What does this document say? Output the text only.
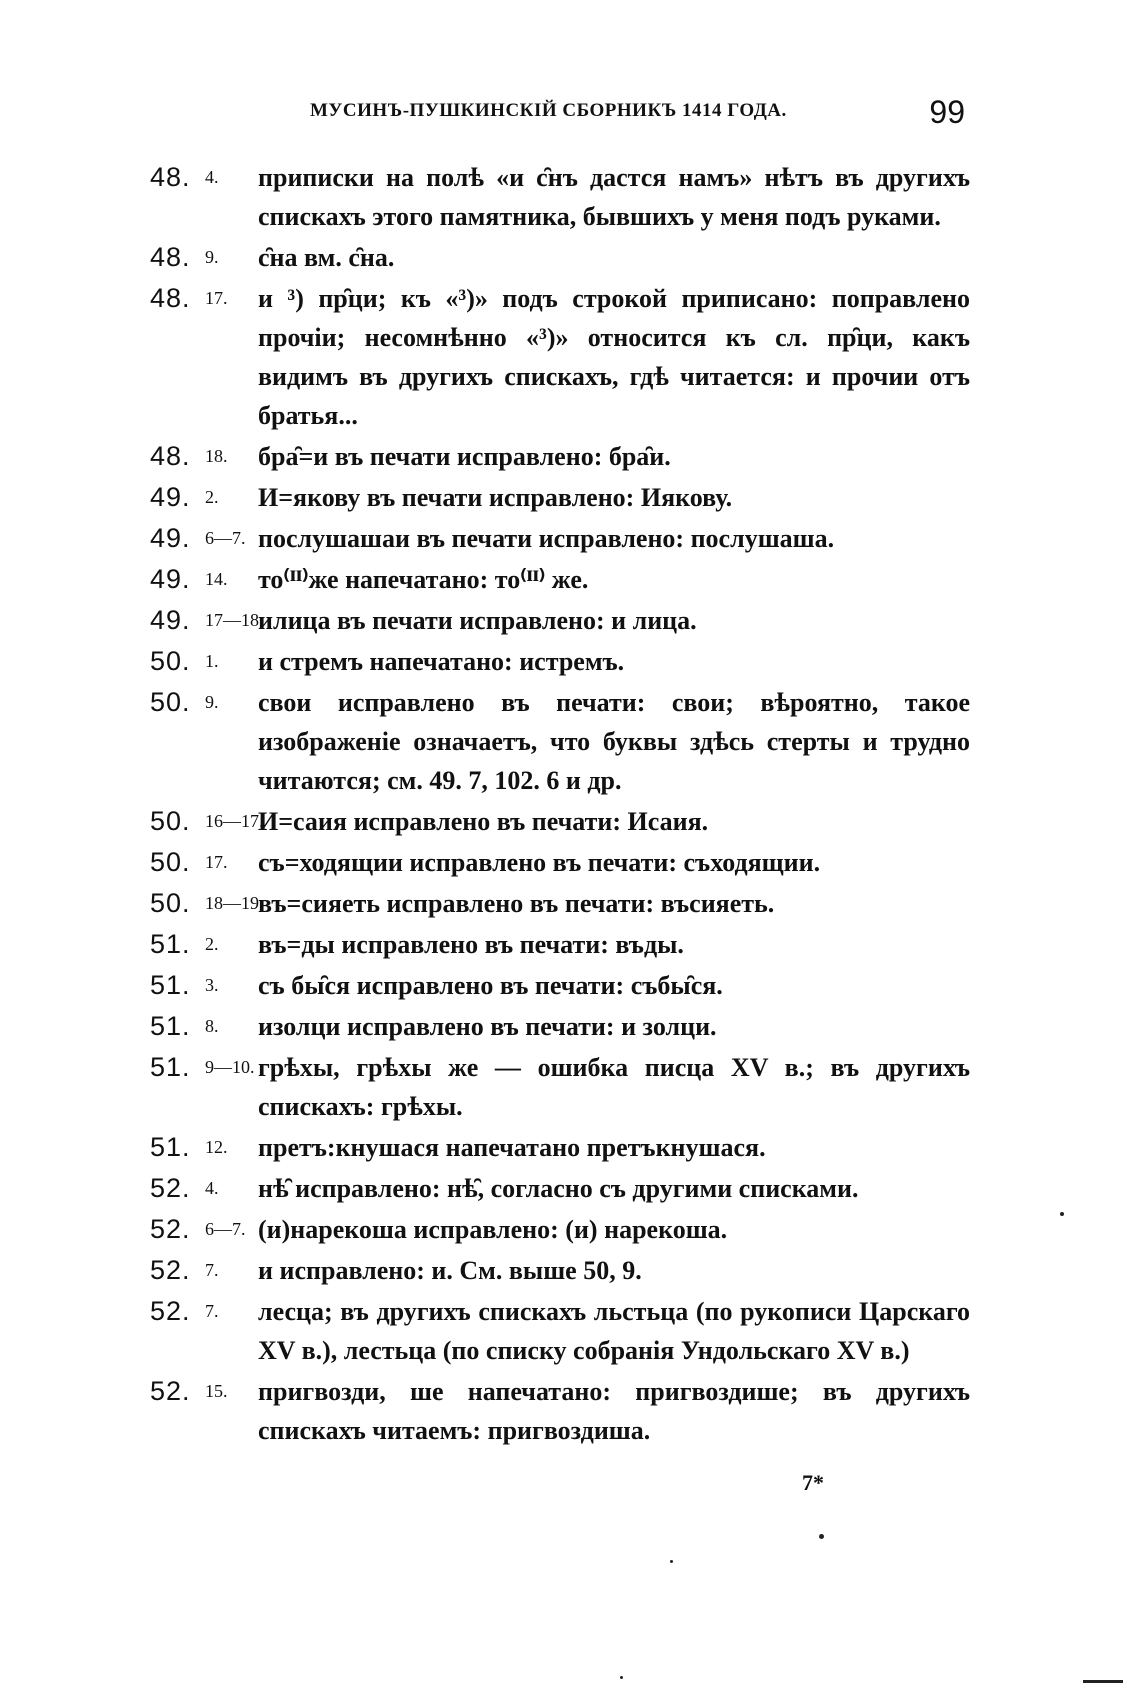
МУСИНЪ-ПУШКИНСКIЙ СБОРНИКЪ 1414 ГОДА.	99
48. 4. приписки на полѣ «и с̑нъ дастся намъ» нѣтъ въ другихъ спискахъ этого памятника, бывшихъ у меня подъ руками.
48. 9. с̑на вм. с̑на.
48. 17. и ³) пр̑ци; къ «³)» подъ строкой приписано: поправлено прочiи; несомнѣнно «³)» относится къ сл. пр̑ци, какъ видимъ въ другихъ спискахъ, гдѣ читается: и прочии отъ братья...
48. 18. бра̑=и въ печати исправлено: бра̑и.
49. 2. И=якову въ печати исправлено: Иякову.
49. 6—7. послушашаи въ печати исправлено: послушаша.
49. 14. то⁽ᴵᴵ⁾же напечатано: то⁽ᴵᴵ⁾ же.
49. 17—18.
илица въ печати исправлено: и лица.
50. 1. и стремъ напечатано: истремъ.
50. 9. свои исправлено въ печати: свои; вѣроятно, такое изображенiе означаетъ, что буквы здѣсь стерты и трудно читаются; см. 49. 7, 102. 6 и др.
50. 16—17.
И=саия исправлено въ печати: Исаия.
50. 17. съ=ходящии исправлено въ печати: съходящии.
50. 18—19.
въ=сияеть исправлено въ печати: въсияеть.
51. 2. въ=ды исправлено въ печати: въды.
51. 3. съ бы̑ся исправлено въ печати: събы̑ся.
51. 8. изолци исправлено въ печати: и золци.
51. 9—10. грѣхы, грѣхы же — ошибка писца XV в.; въ другихъ спискахъ: грѣхы.
51. 12. претъ:кнушася напечатано претъкнушася.
52. 4. нѣ̑ исправлено: нѣ̑, согласно съ другими списками.
52. 6—7. (и)нарекоша исправлено: (и) нарекоша.
52. 7. и исправлено: и. См. выше 50, 9.
52. 7. лесца; въ другихъ спискахъ льстьца (по рукописи Царскаго XV в.), лестьца (по списку собранiя Ундольскаго XV в.)
52. 15. пригвозди, ше напечатано: пригвоздише; въ другихъ спискахъ читаемъ: пригвоздиша.
7*
